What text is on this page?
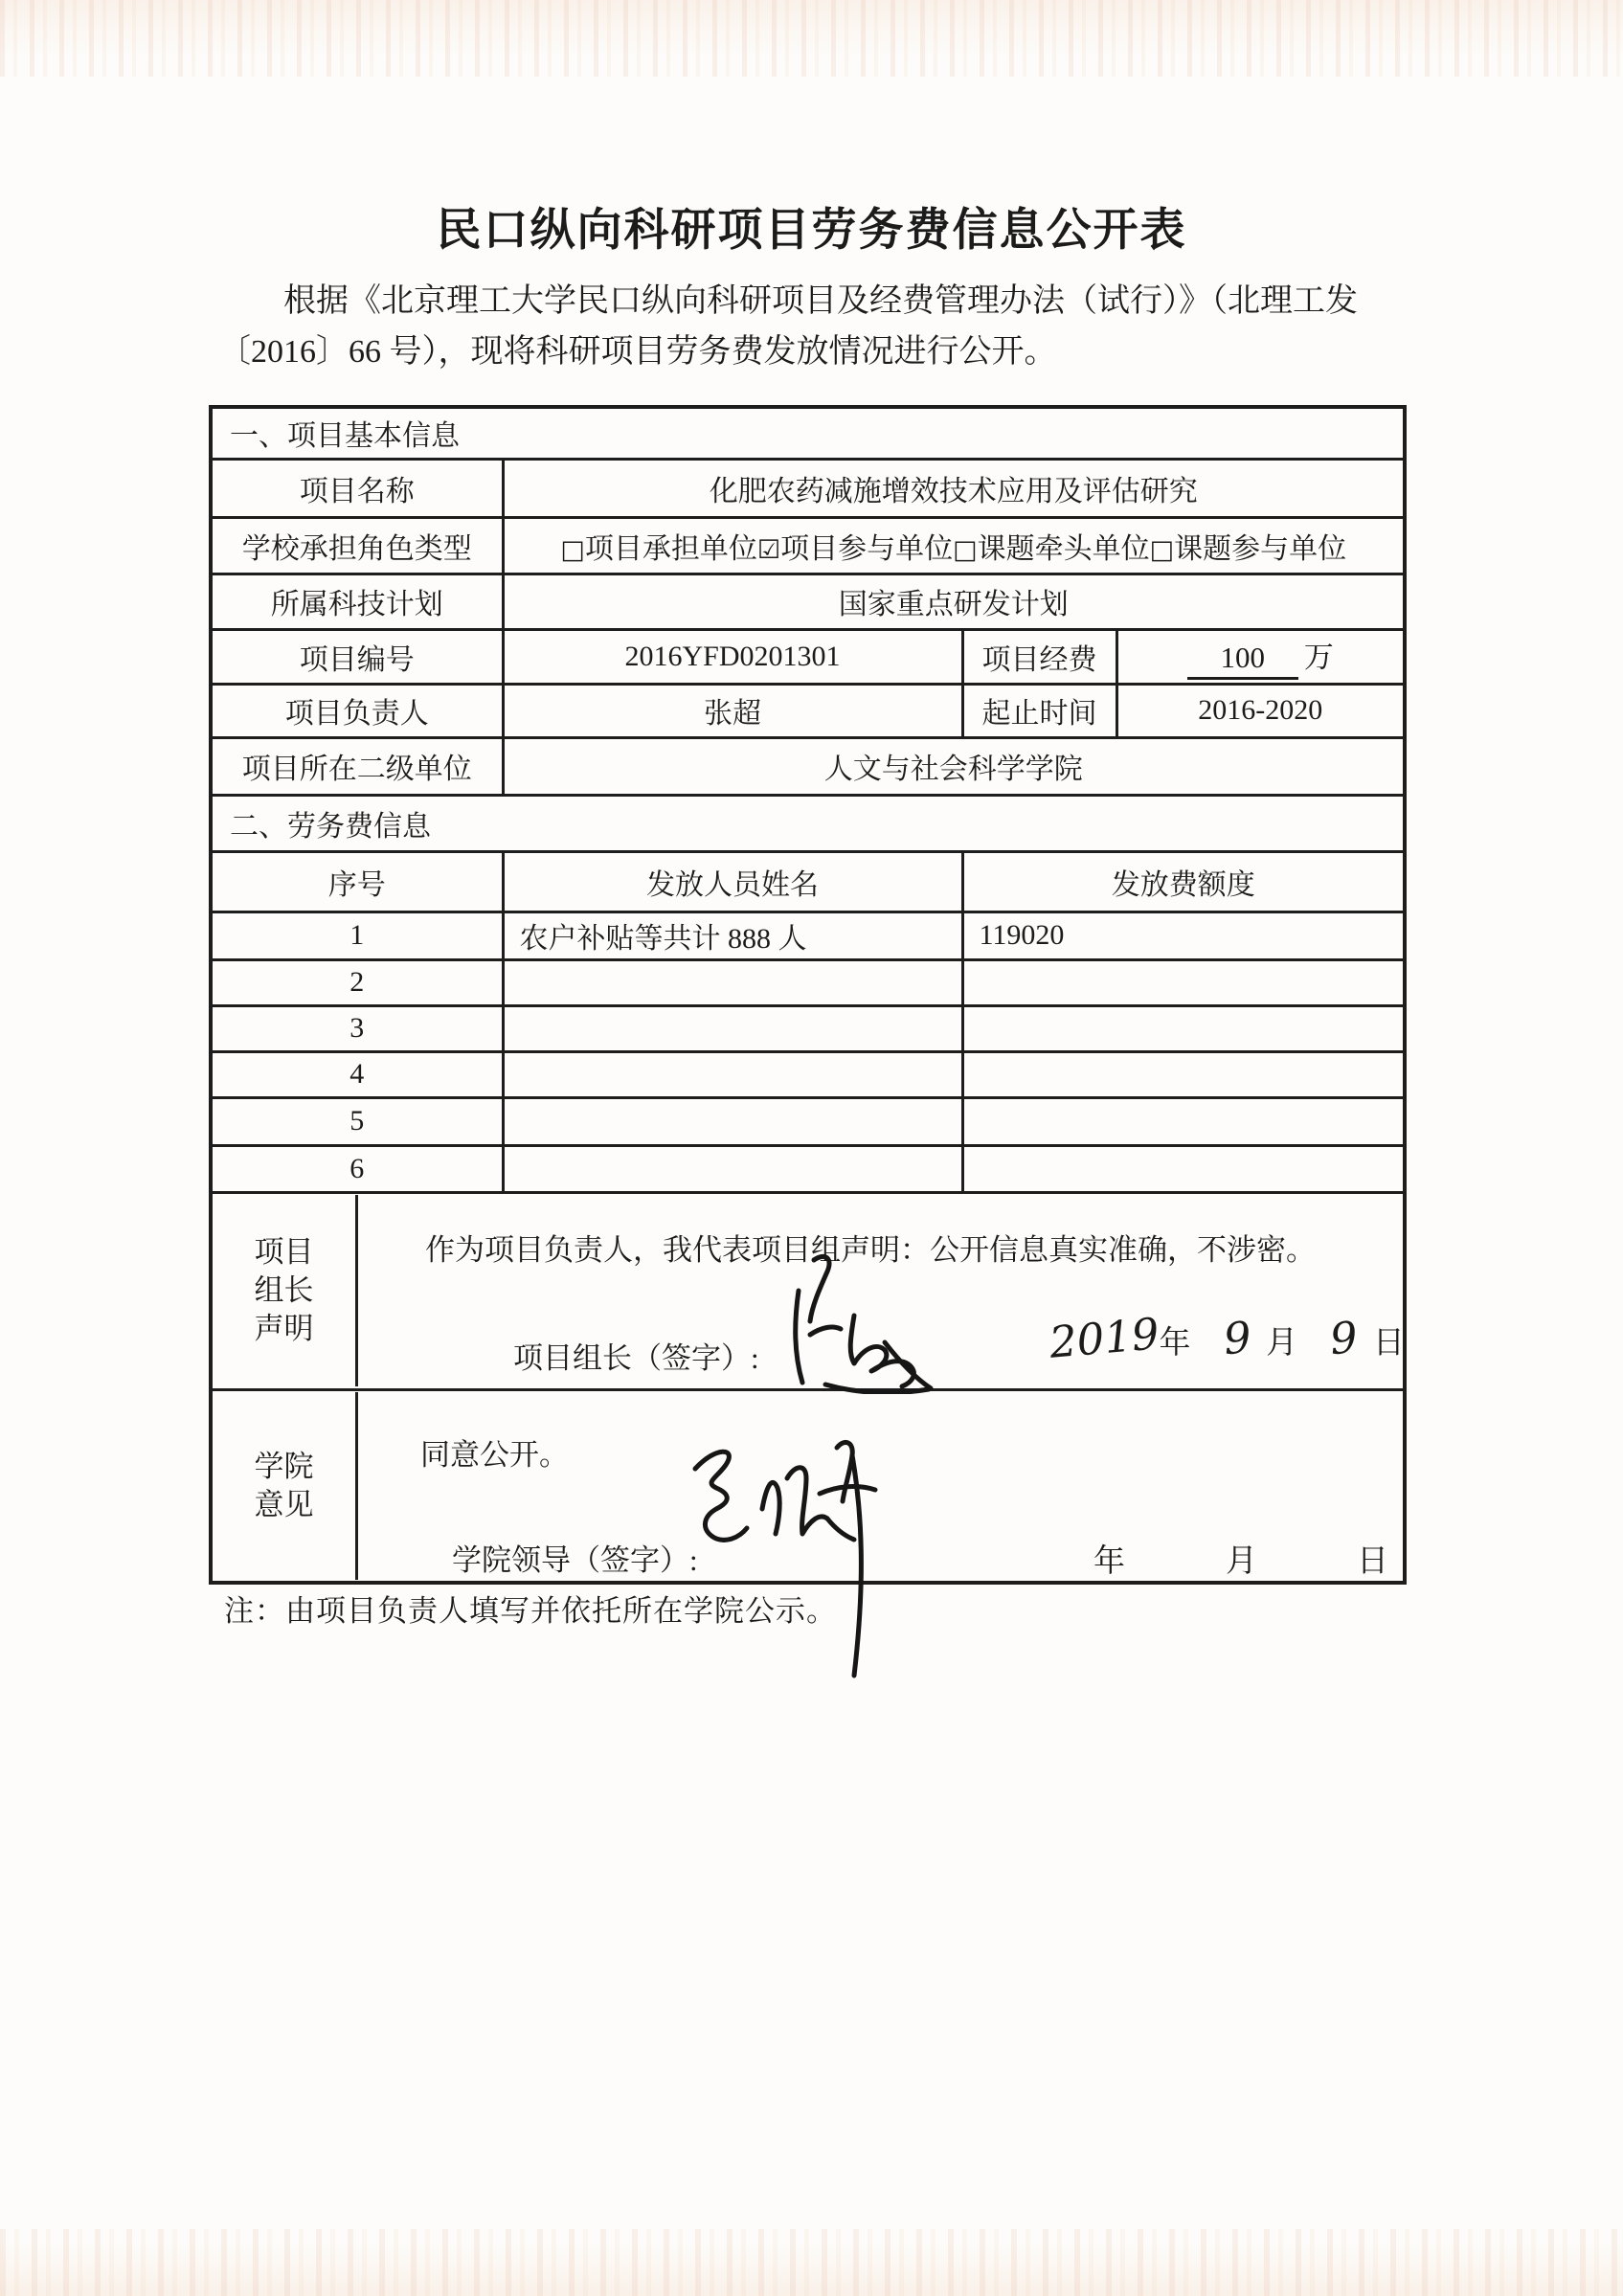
民口纵向科研项目劳务费信息公开表
根据《北京理工大学民口纵向科研项目及经费管理办法（试行）》（北理工发
〔2016〕66 号），现将科研项目劳务费发放情况进行公开。
一、项目基本信息			
项目名称	化肥农药减施增效技术应用及评估研究		
学校承担角色类型	□项目承担单位☑项目参与单位□课题牵头单位□课题参与单位		
所属科技计划	国家重点研发计划		
项目编号	2016YFD0201301	项目经费	100 万
项目负责人	张超	起止时间	2016-2020
项目所在二级单位	人文与社会科学学院		
二、劳务费信息			
序号	发放人员姓名	发放费额度	
1	农户补贴等共计 888 人	119020	
2			
3			
4			
5			
6			

项目
组长
声明
作为项目负责人，我代表项目组声明：公开信息真实准确，不涉密。
项目组长（签字）:	2019年 9 月 9 日

学院
意见
同意公开。
学院领导（签字）:	年	月	日
注：由项目负责人填写并依托所在学院公示。
